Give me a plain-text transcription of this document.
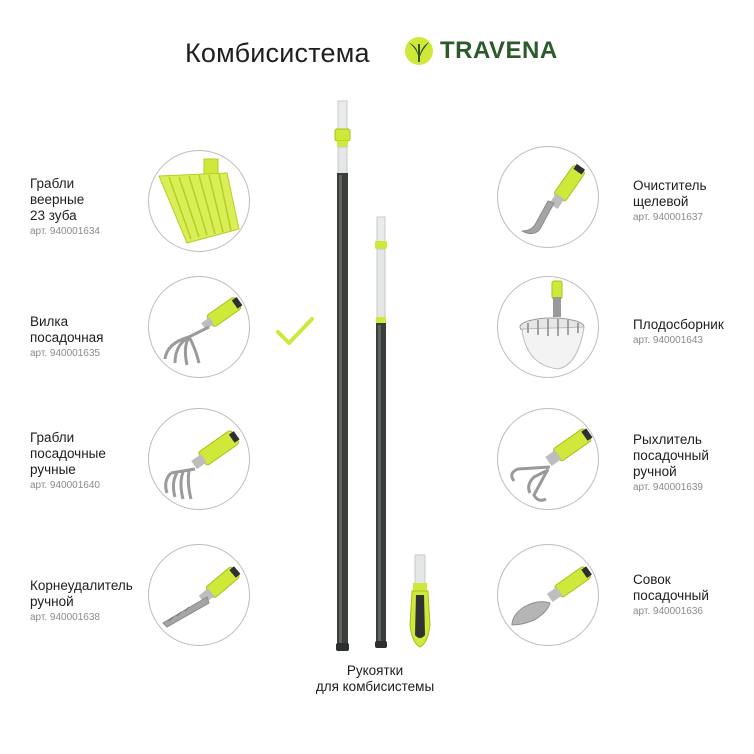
Комбисистема	TRAVENA
Грабли
веерные
23 зуба
арт. 940001634
Вилка
посадочная
арт. 940001635
Грабли
посадочные
ручные
арт. 940001640
Корнеудалитель
ручной
арт. 940001638
Очиститель
щелевой
арт. 940001637
Плодосборник
арт. 940001643
Рыхлитель
посадочный
ручной
арт. 940001639
Совок
посадочный
арт. 940001636
Рукоятки
для комбисистемы
